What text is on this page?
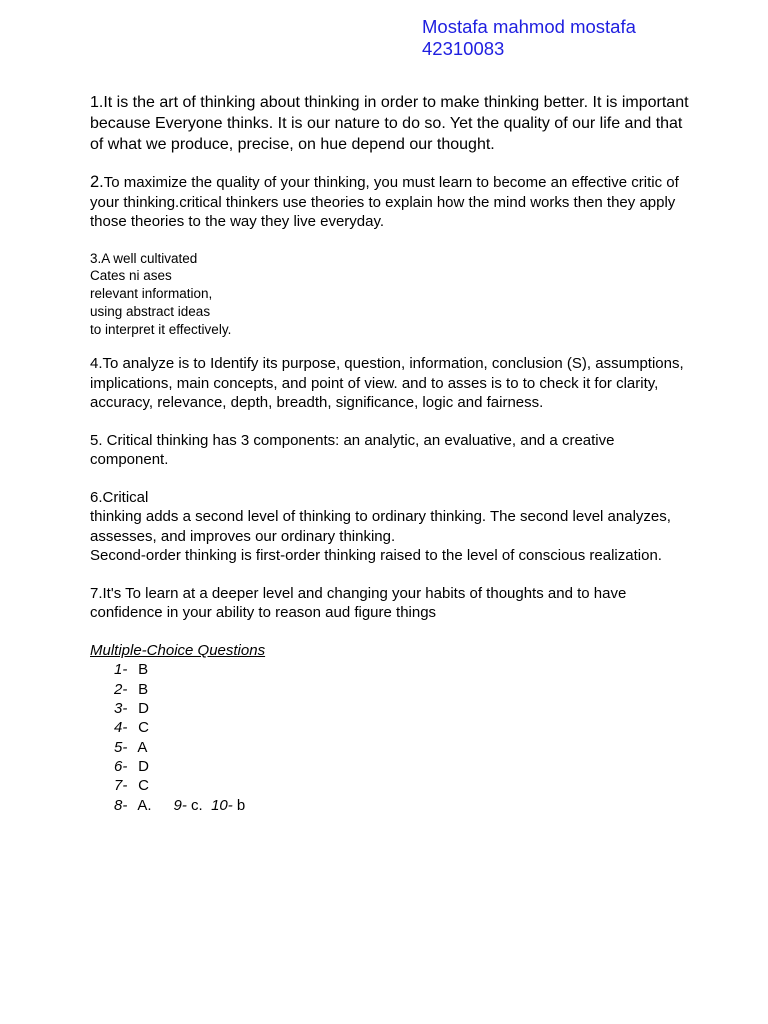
Mostafa mahmod mostafa
42310083

1.It is the art of thinking about thinking in order to make thinking better. It is important because Everyone thinks. It is our nature to do so. Yet the quality of our life and that of what we produce, precise, on hue depend our thought.

2.To maximize the quality of your thinking, you must learn to become an effective critic of your thinking.critical thinkers use theories to explain how the mind works then they apply those theories to the way they live everyday.

3.A well cultivated
Cates ni ases
relevant information,
using abstract ideas
to interpret it effectively.

4.To analyze is to Identify its purpose, question, information, conclusion (S), assumptions, implications, main concepts, and point of view. and to asses is to to check it for clarity, accuracy, relevance, depth, breadth, significance, logic and fairness.

5. Critical thinking has 3 components: an analytic, an evaluative, and a creative component.

6.Critical
thinking adds a second level of thinking to ordinary thinking. The second level analyzes, assesses, and improves our ordinary thinking.
Second-order thinking is first-order thinking raised to the level of conscious realization.

7.It's To learn at a deeper level and changing your habits of thoughts and to have confidence in your ability to reason aud figure things

Multiple-Choice Questions

1- B
2- B
3- D
4- C
5- A
6- D
7- C
8- A. 9- c. 10- b
